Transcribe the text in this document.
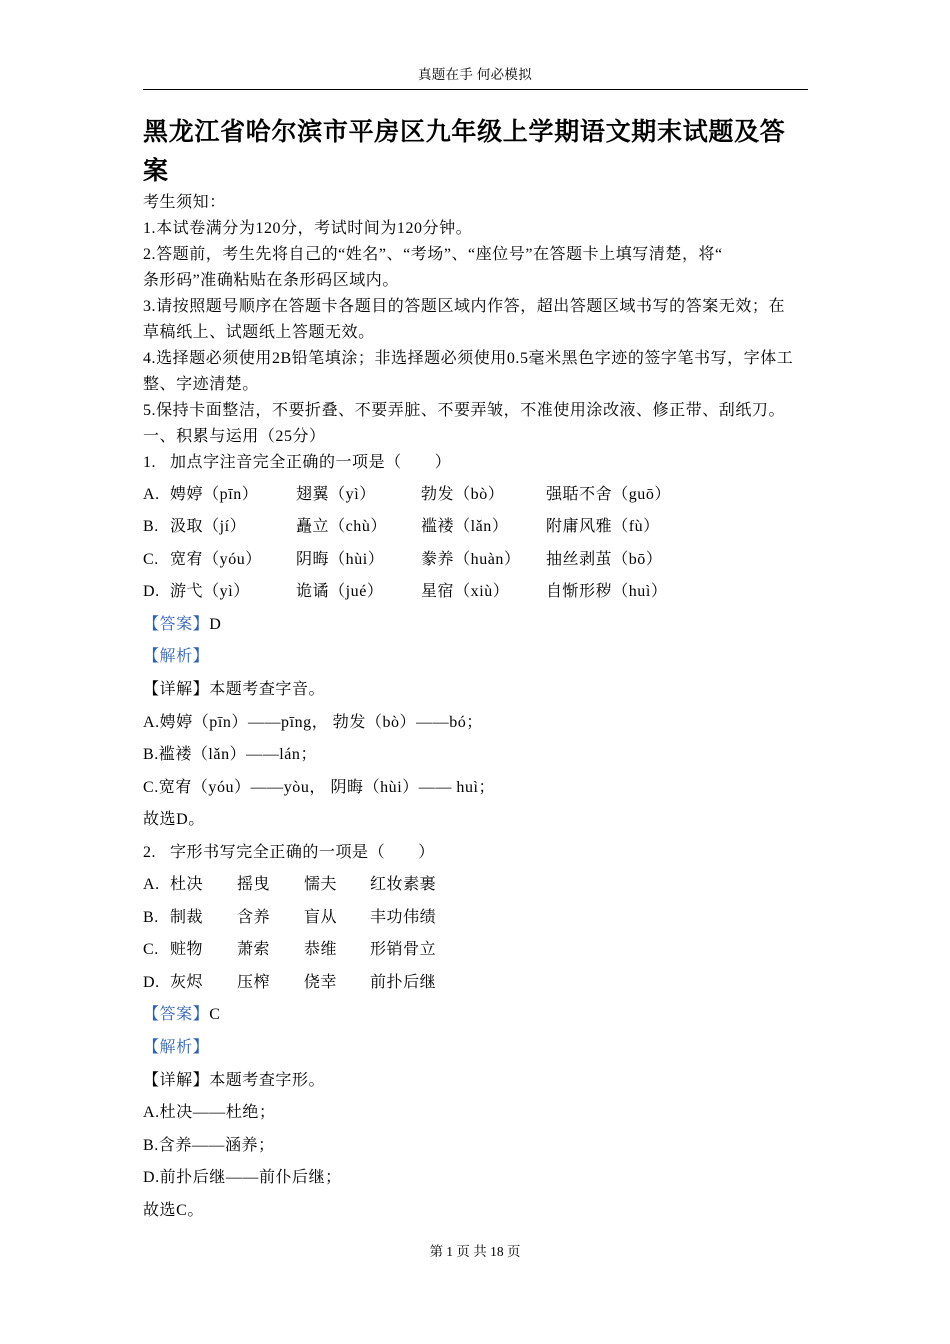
真题在手 何必模拟
黑龙江省哈尔滨市平房区九年级上学期语文期末试题及答案
考生须知：
1.本试卷满分为120分，考试时间为120分钟。
2.答题前，考生先将自己的“姓名”、“考场”、“座位号”在答题卡上填写清楚，将“
条形码”准确粘贴在条形码区域内。
3.请按照题号顺序在答题卡各题目的答题区域内作答，超出答题区域书写的答案无效；在
草稿纸上、试题纸上答题无效。
4.选择题必须使用2B铅笔填涂；非选择题必须使用0.5毫米黑色字迹的签字笔书写，字体工
整、字迹清楚。
5.保持卡面整洁，不要折叠、不要弄脏、不要弄皱，不准使用涂改液、修正带、刮纸刀。
一、积累与运用（25分）
1. 加点字注音完全正确的一项是（　　）
A. 娉婷（pīn）	翅翼（yì）	勃发（bò）	强聒不舍（guō）
B. 汲取（jí）	矗立（chù）	褴褛（lǎn）	附庸风雅（fù）
C. 宽宥（yóu）	阴晦（hùi）	豢养（huàn）	抽丝剥茧（bō）
D. 游弋（yì）	诡谲（jué）	星宿（xiù）	自惭形秽（huì）
【答案】 D
【解析】
【详解】 本题考查字音。
A.娉婷（pīn）——pīng， 勃发（bò）——bó；
B.褴褛（lǎn）——lán；
C.宽宥（yóu）——yòu， 阴晦（hùi）—— huì；
故选D。
2. 字形书写完全正确的一项是（　　）
A. 杜决	摇曳	懦夫	红妆素裹
B. 制裁	含养	盲从	丰功伟绩
C. 赃物	萧索	恭维	形销骨立
D. 灰烬	压榨	侥幸	前扑后继
【答案】 C
【解析】
【详解】 本题考查字形。
A.杜决——杜绝；
B.含养——涵养；
D.前扑后继——前仆后继；
故选C。
第 1 页 共 18 页
